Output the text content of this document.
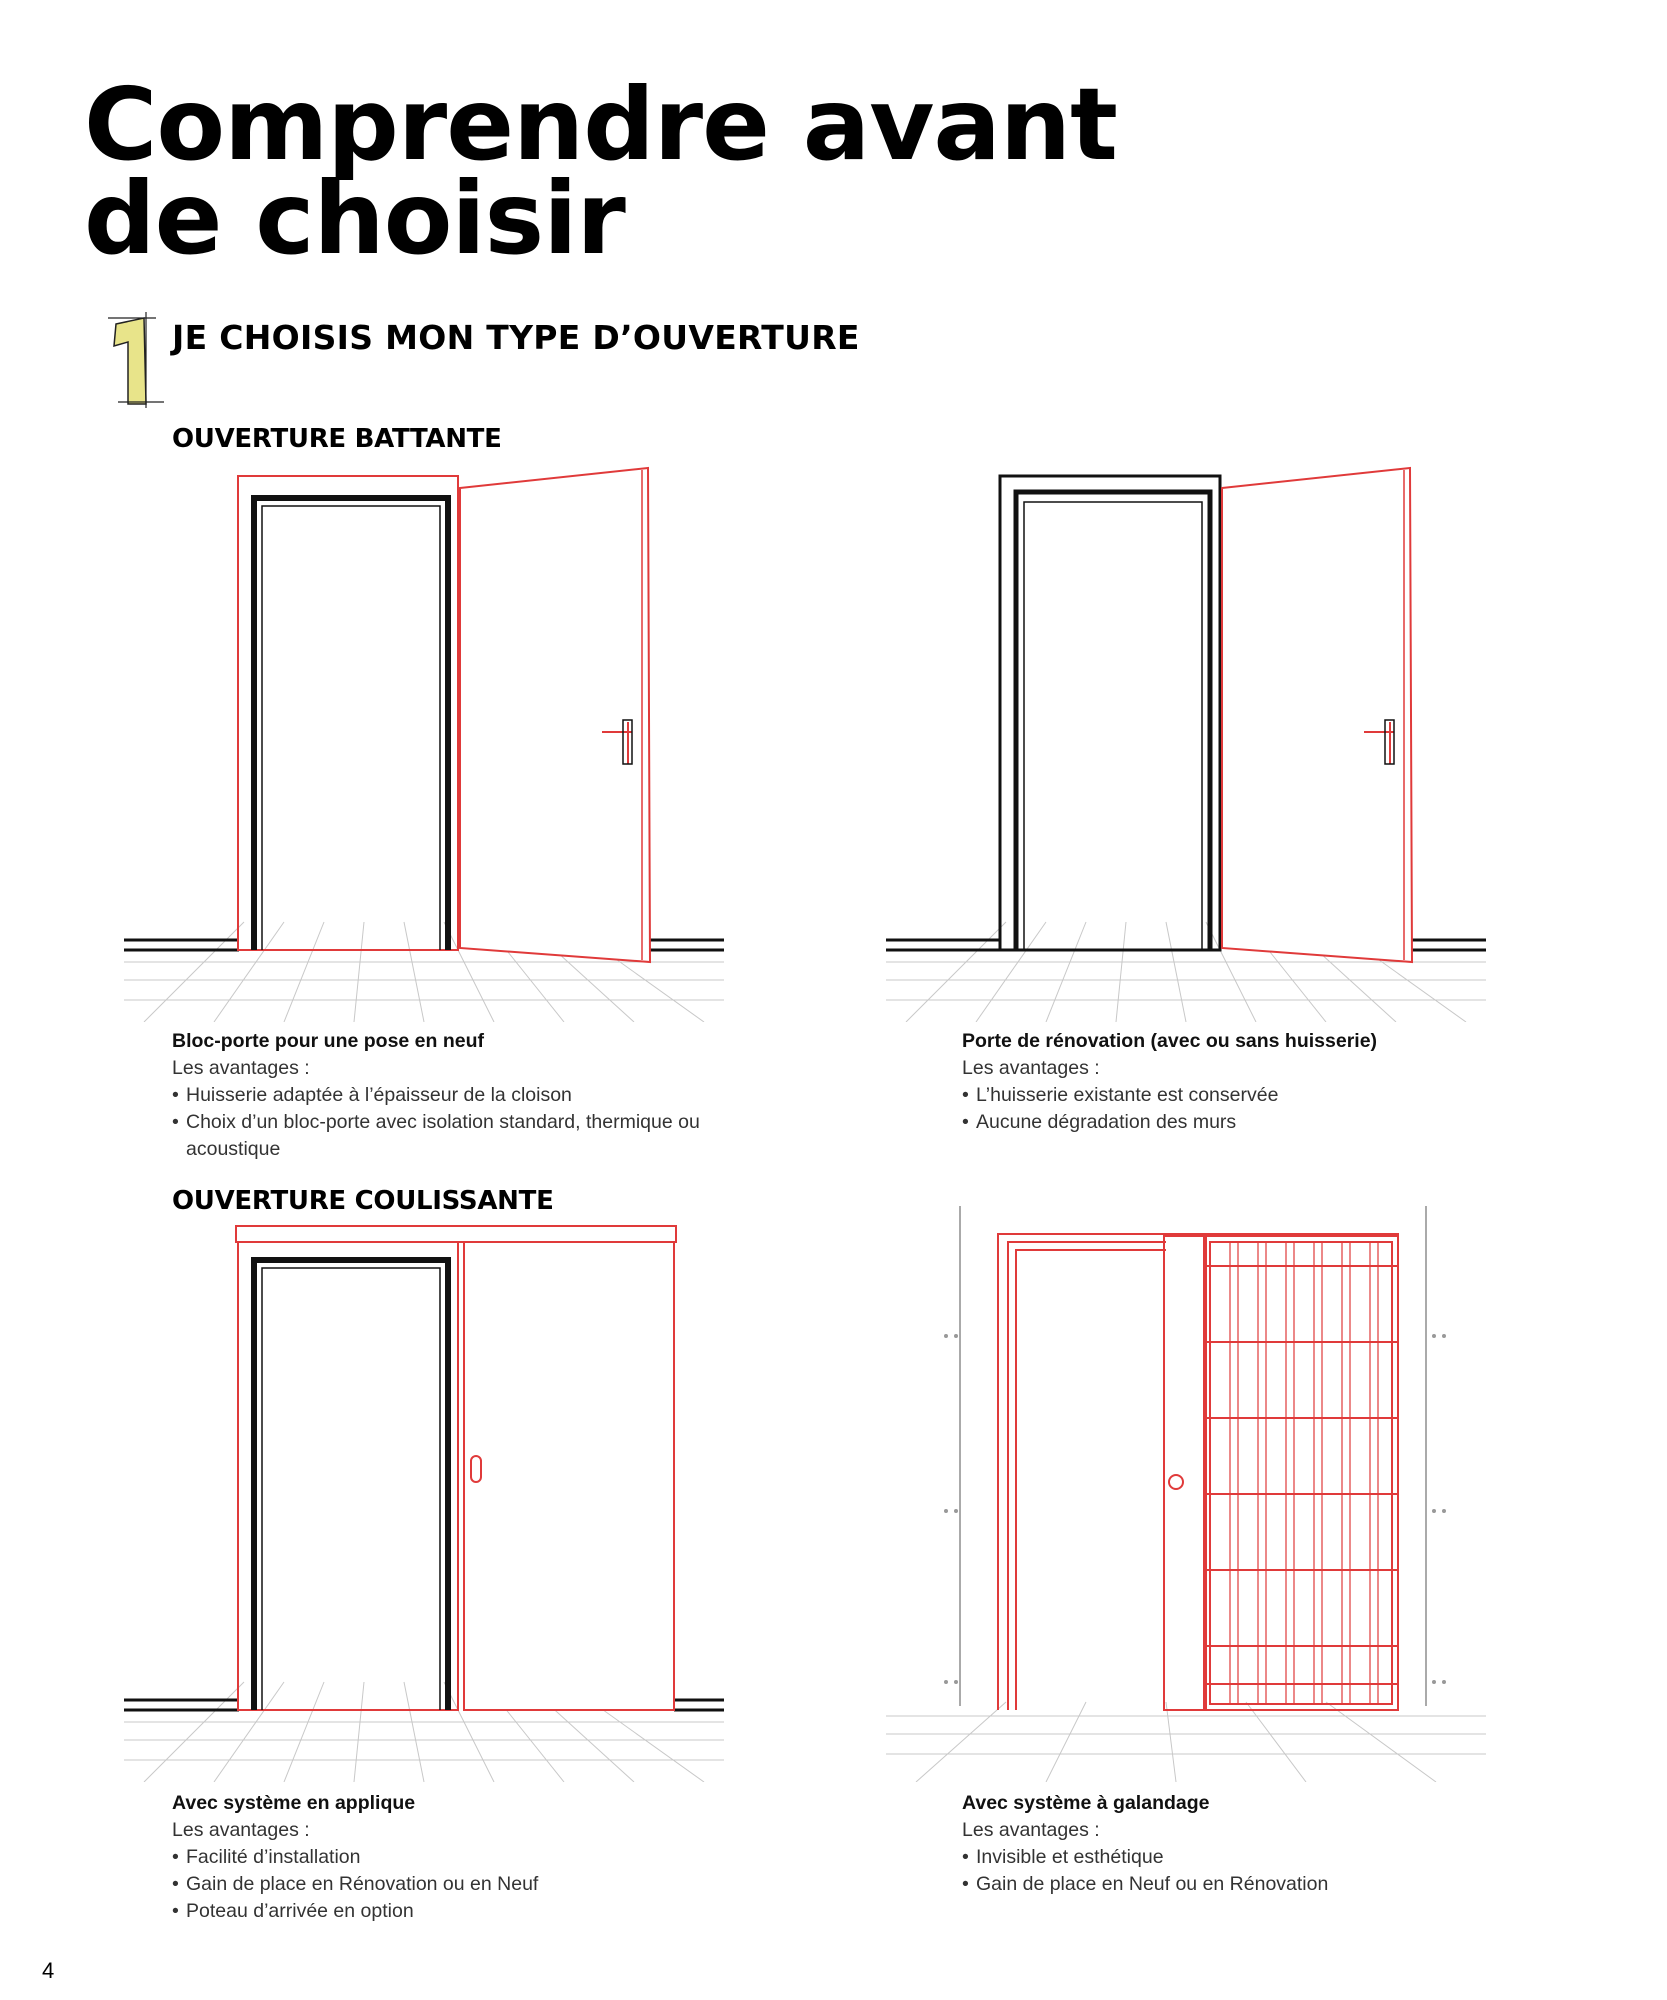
Comprendre avant
de choisir
JE CHOISIS MON TYPE D’OUVERTURE
OUVERTURE BATTANTE
Bloc-porte pour une pose en neuf
Les avantages :
• Huisserie adaptée à l’épaisseur de la cloison
• Choix d’un bloc-porte avec isolation standard, thermique ou acoustique
Porte de rénovation (avec ou sans huisserie)
Les avantages :
• L’huisserie existante est conservée
• Aucune dégradation des murs
OUVERTURE COULISSANTE
Avec système en applique
Les avantages :
• Facilité d’installation
• Gain de place en Rénovation ou en Neuf
• Poteau d’arrivée en option
Avec système à galandage
Les avantages :
• Invisible et esthétique
• Gain de place en Neuf ou en Rénovation
4
